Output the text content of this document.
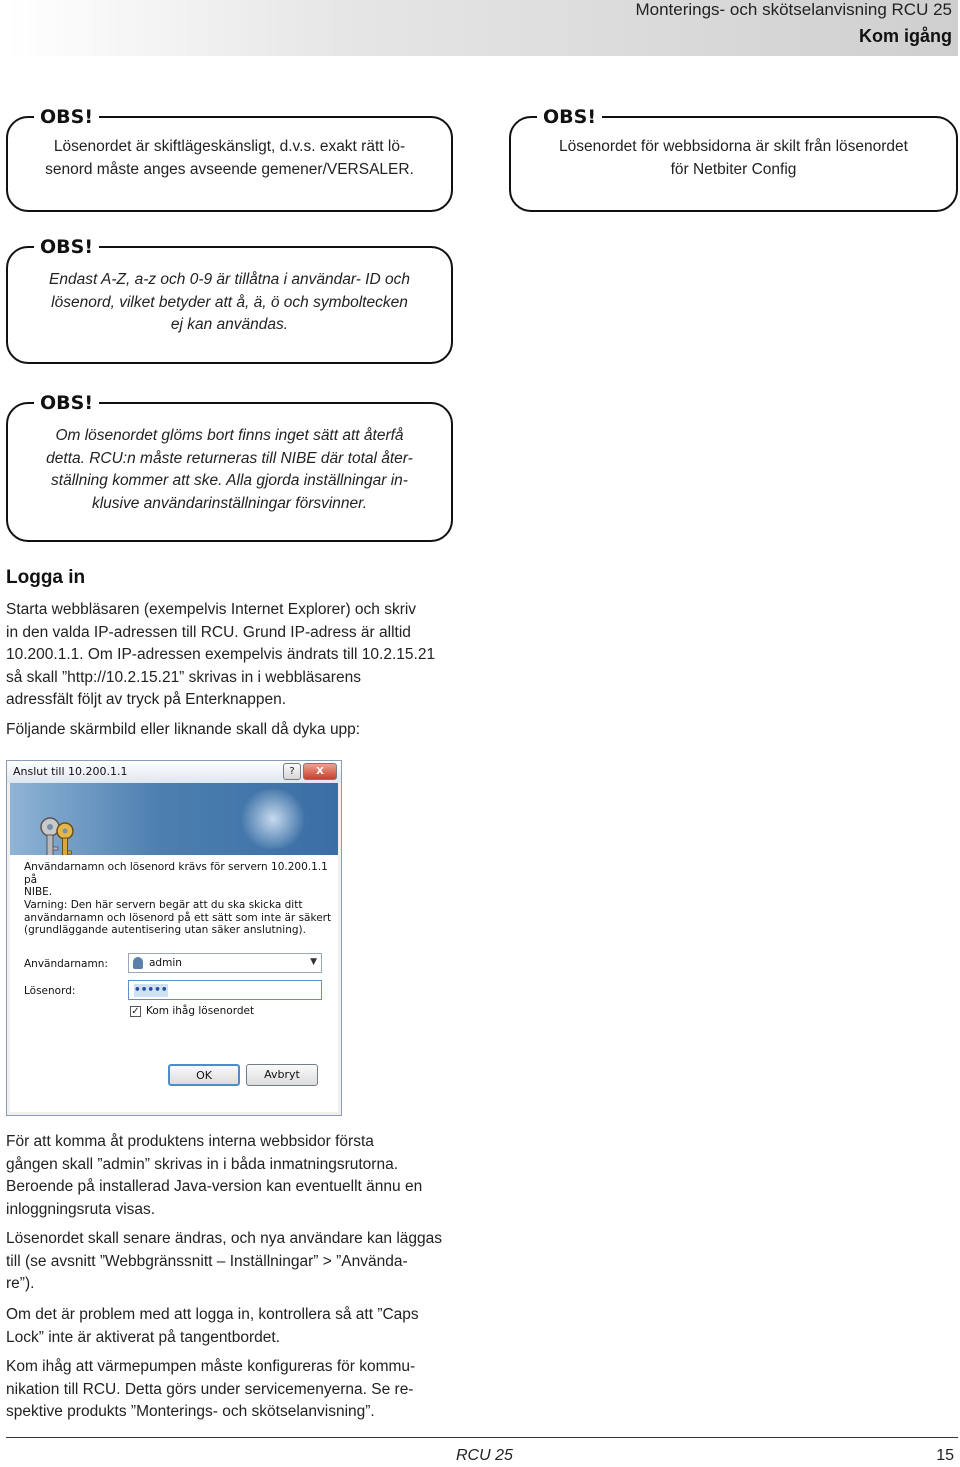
Monterings- och skötselanvisning RCU 25
Kom igång
OBS!
Lösenordet är skiftlägeskänsligt, d.v.s. exakt rätt lö-
senord måste anges avseende gemener/VERSALER.
OBS!
Lösenordet för webbsidorna är skilt från lösenordet
för Netbiter Config
OBS!
Endast A-Z, a-z och 0-9 är tillåtna i användar- ID och
lösenord, vilket betyder att å, ä, ö och symboltecken
ej kan användas.
OBS!
Om lösenordet glöms bort finns inget sätt att återfå
detta. RCU:n måste returneras till NIBE där total åter-
ställning kommer att ske. Alla gjorda inställningar in-
klusive användarinställningar försvinner.
Logga in
Starta webbläsaren (exempelvis Internet Explorer) och skriv
in den valda IP-adressen till RCU. Grund IP-adress är alltid
10.200.1.1. Om IP-adressen exempelvis ändrats till 10.2.15.21
så skall ”http://10.2.15.21” skrivas in i webbläsarens
adressfält följt av tryck på Enterknappen.
Följande skärmbild eller liknande skall då dyka upp:
Anslut till 10.200.1.1	?	X
Användarnamn och lösenord krävs för servern 10.200.1.1 på
NIBE.
Varning: Den här servern begär att du ska skicka ditt
användarnamn och lösenord på ett sätt som inte är säkert
(grundläggande autentisering utan säker anslutning).
Användarnamn:	admin	▼
Lösenord:	•••••
✓ Kom ihåg lösenordet
OK	Avbryt
För att komma åt produktens interna webbsidor första
gången skall ”admin” skrivas in i båda inmatningsrutorna.
Beroende på installerad Java-version kan eventuellt ännu en
inloggningsruta visas.
Lösenordet skall senare ändras, och nya användare kan läggas
till (se avsnitt ”Webbgränssnitt – Inställningar” > ”Använda-
re”).
Om det är problem med att logga in, kontrollera så att ”Caps
Lock” inte är aktiverat på tangentbordet.
Kom ihåg att värmepumpen måste konfigureras för kommu-
nikation till RCU. Detta görs under servicemenyerna. Se re-
spektive produkts ”Monterings- och skötselanvisning”.
RCU 25	15
